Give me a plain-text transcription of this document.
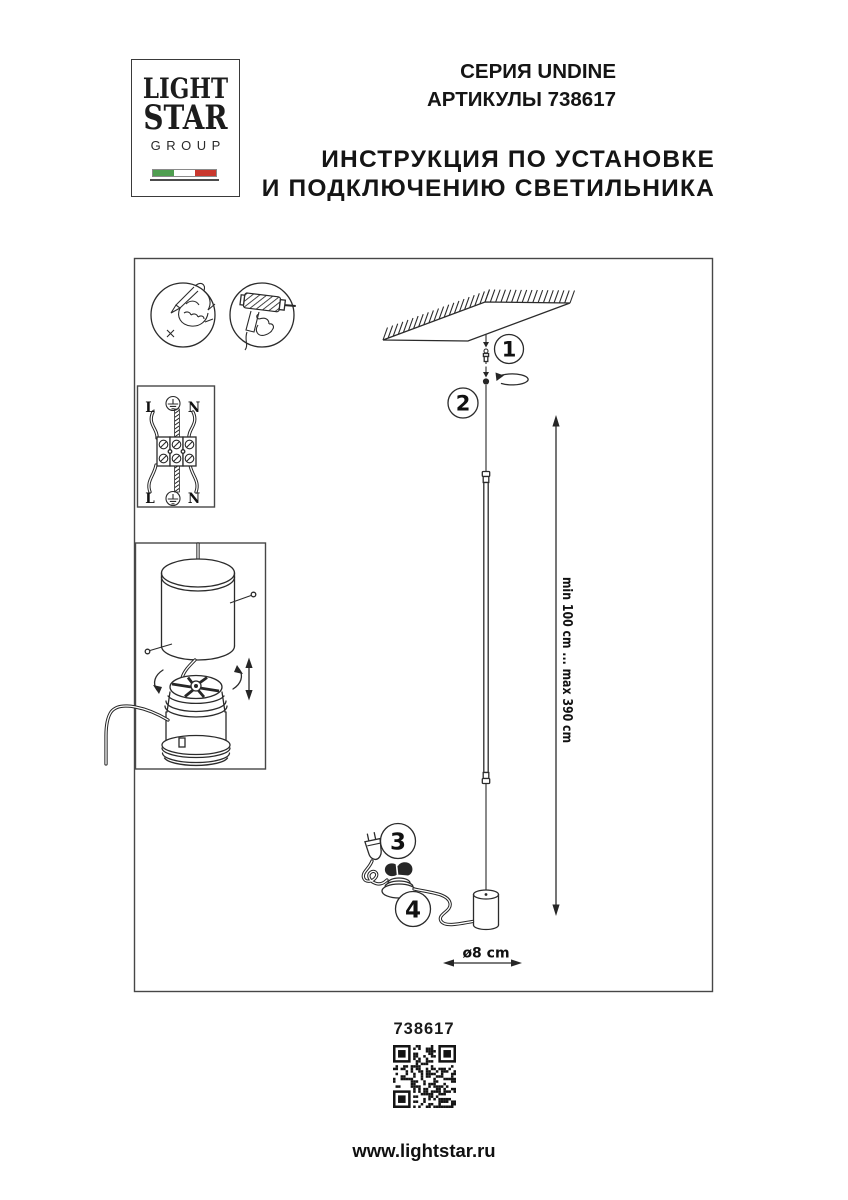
LIGHT
STAR
GROUP
СЕРИЯ UNDINE
АРТИКУЛЫ 738617
ИНСТРУКЦИЯ ПО УСТАНОВКЕ
И ПОДКЛЮЧЕНИЮ СВЕТИЛЬНИКА
L N
L N
min 100 cm ... max 390 cm
ø8 cm
1
2
3
4
738617
www.lightstar.ru
